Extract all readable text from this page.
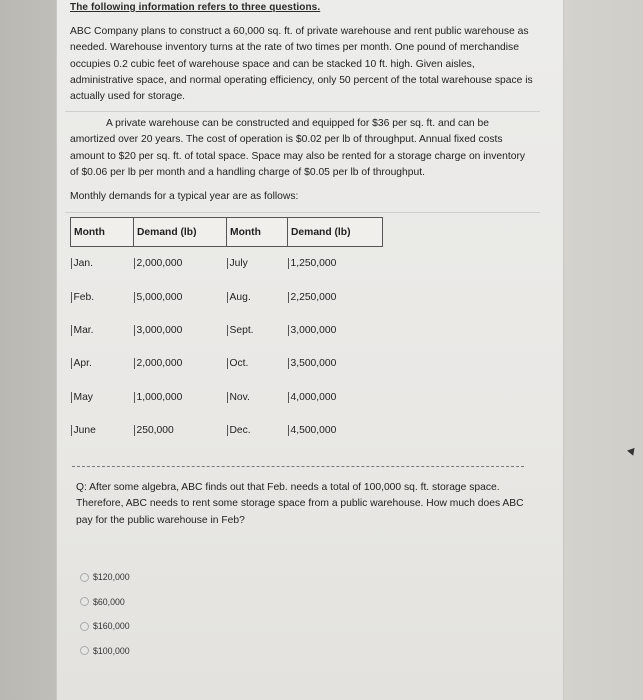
The following information refers to three questions.
ABC Company plans to construct a 60,000 sq. ft. of private warehouse and rent public warehouse as needed. Warehouse inventory turns at the rate of two times per month. One pound of merchandise occupies 0.2 cubic feet of warehouse space and can be stacked 10 ft. high. Given aisles, administrative space, and normal operating efficiency, only 50 percent of the total warehouse space is actually used for storage.
A private warehouse can be constructed and equipped for $36 per sq. ft. and can be amortized over 20 years. The cost of operation is $0.02 per lb of throughput. Annual fixed costs amount to $20 per sq. ft. of total space. Space may also be rented for a storage charge on inventory of $0.06 per lb per month and a handling charge of $0.05 per lb of throughput.
Monthly demands for a typical year are as follows:
Month	Demand (lb)	Month	Demand (lb)
Jan.	2,000,000	July	1,250,000
Feb.	5,000,000	Aug.	2,250,000
Mar.	3,000,000	Sept.	3,000,000
Apr.	2,000,000	Oct.	3,500,000
May	1,000,000	Nov.	4,000,000
June	250,000	Dec.	4,500,000
Q: After some algebra, ABC finds out that Feb. needs a total of 100,000 sq. ft. storage space. Therefore, ABC needs to rent some storage space from a public warehouse. How much does ABC pay for the public warehouse in Feb?
$120,000
$60,000
$160,000
$100,000
